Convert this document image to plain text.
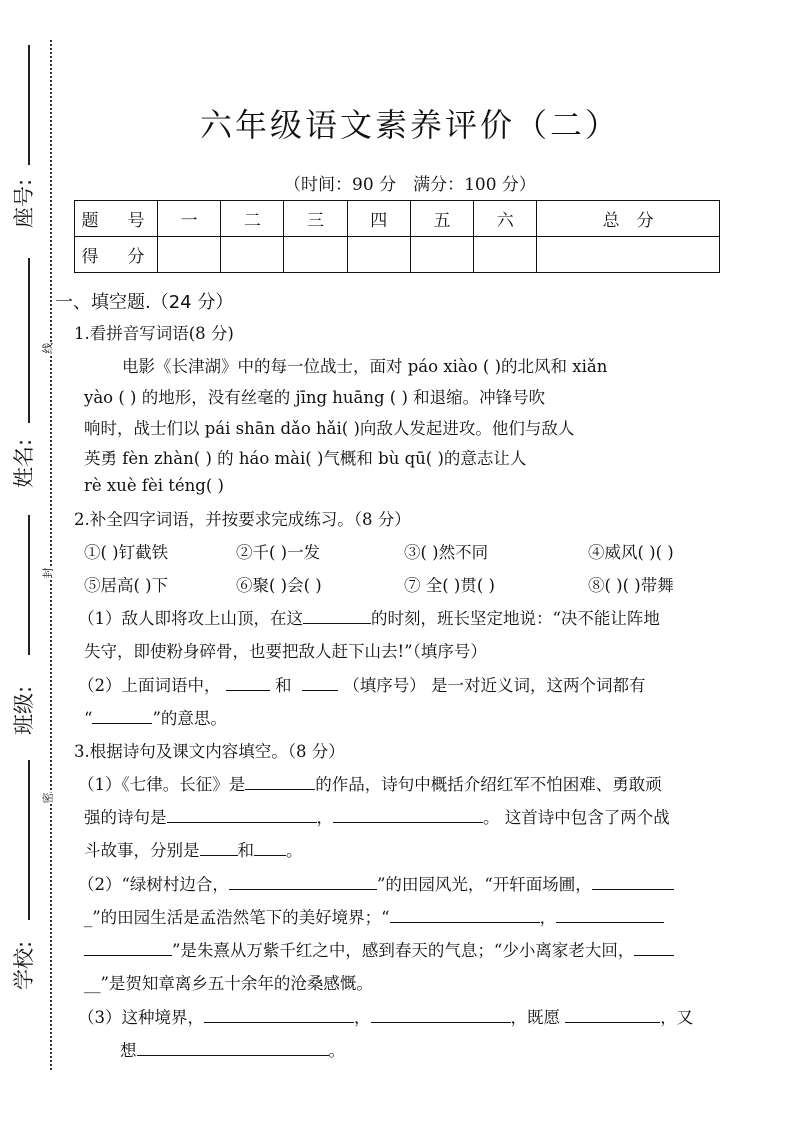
座号:
姓名:
班级:
学校:
线
封
密
六年级语文素养评价（二）
（时间：90 分　满分：100 分）
题　号	一	二	三	四	五	六	总　分
得　分							
一、填空题.（24 分）
1.看拼音写词语(8 分)
电影《长津湖》中的每一位战士，面对 páo xiào ( )的北风和 xiǎn
yào ( ) 的地形，没有丝毫的 jīng huāng ( ) 和退缩。冲锋号吹
响时，战士们以 pái shān dǎo hǎi( )向敌人发起进攻。他们与敌人
英勇 fèn zhàn( ) 的 háo mài( )气概和 bù qū( )的意志让人
rè xuè fèi téng( )
2.补全四字词语，并按要求完成练习。（8 分）
①( )钉截铁	②千( )一发	③( )然不同	④威风( )( )
⑤居高( )下	⑥聚( )会( )	⑦ 全( )贯( )	⑧( )( )带舞
（1）敌人即将攻上山顶，在这	的时刻，班长坚定地说：“决不能让阵地
失守，即使粉身碎骨，也要把敌人赶下山去!”（填序号）
（2）上面词语中，	和	（填序号） 是一对近义词，这两个词都有
“	”的意思。
3.根据诗句及课文内容填空。（8 分）
（1）《七律。长征》是	的作品，诗句中概括介绍红军不怕困难、勇敢顽
强的诗句是	，	。 这首诗中包含了两个战
斗故事，分别是 和 。
（2）“绿树村边合，	”的田园风光，“开轩面场圃，
_”的田园生活是孟浩然笔下的美好境界；“	，
”是朱熹从万紫千红之中，感到春天的气息；“少小离家老大回，
__”是贺知章离乡五十余年的沧桑感慨。
（3）这种境界，	，	，既愿	，又
想	。
